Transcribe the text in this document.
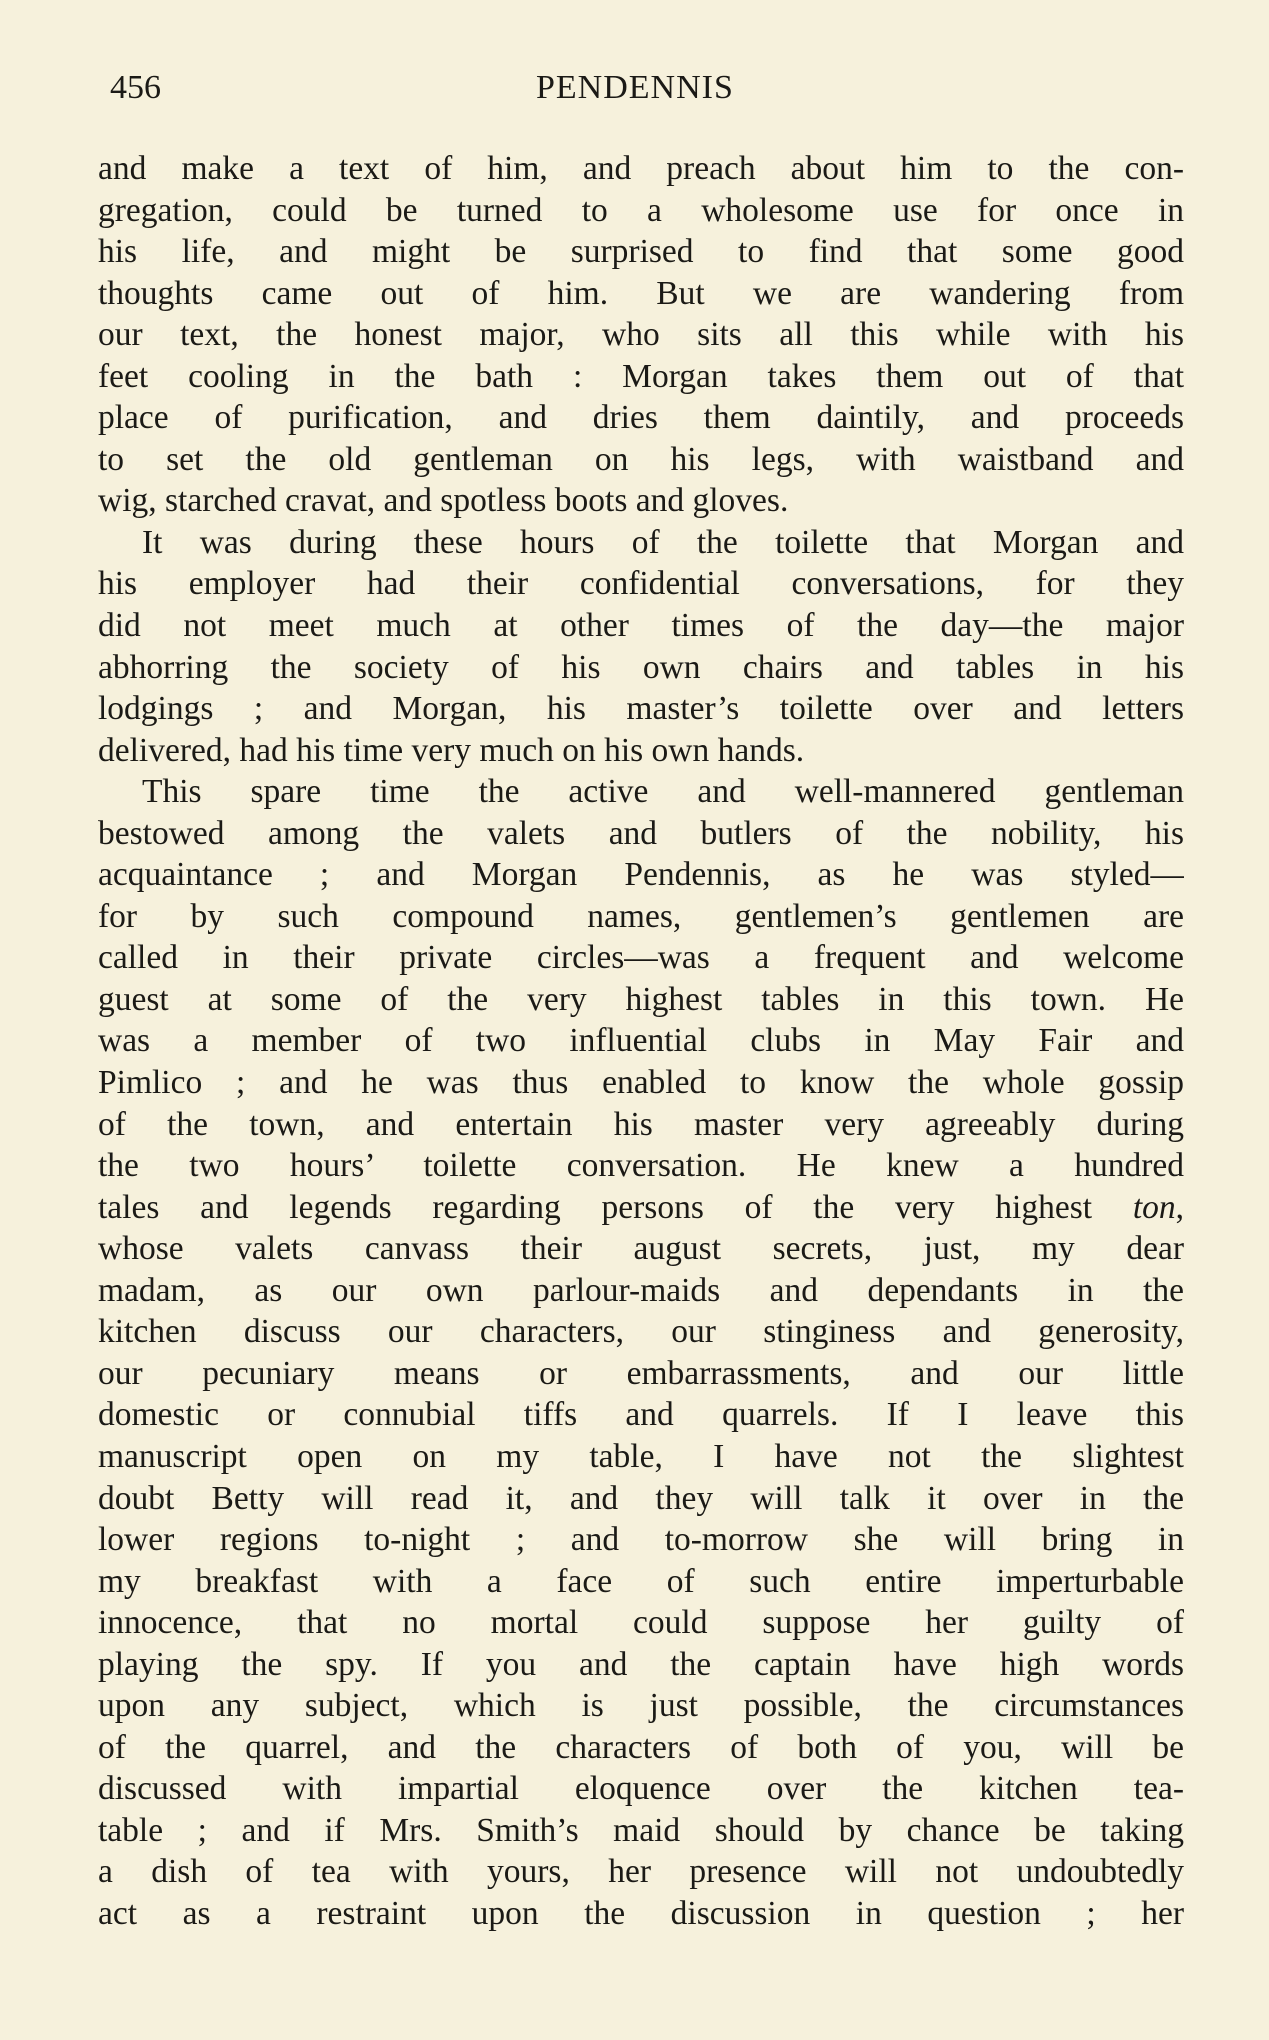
456	PENDENNIS
and make a text of him, and preach about him to the con-
gregation, could be turned to a wholesome use for once in
his life, and might be surprised to find that some good
thoughts came out of him. But we are wandering from
our text, the honest major, who sits all this while with his
feet cooling in the bath : Morgan takes them out of that
place of purification, and dries them daintily, and proceeds
to set the old gentleman on his legs, with waistband and
wig, starched cravat, and spotless boots and gloves.
It was during these hours of the toilette that Morgan and
his employer had their confidential conversations, for they
did not meet much at other times of the day—the major
abhorring the society of his own chairs and tables in his
lodgings ; and Morgan, his master’s toilette over and letters
delivered, had his time very much on his own hands.
This spare time the active and well-mannered gentleman
bestowed among the valets and butlers of the nobility, his
acquaintance ; and Morgan Pendennis, as he was styled—
for by such compound names, gentlemen’s gentlemen are
called in their private circles—was a frequent and welcome
guest at some of the very highest tables in this town. He
was a member of two influential clubs in May Fair and
Pimlico ; and he was thus enabled to know the whole gossip
of the town, and entertain his master very agreeably during
the two hours’ toilette conversation. He knew a hundred
tales and legends regarding persons of the very highest ton,
whose valets canvass their august secrets, just, my dear
madam, as our own parlour-maids and dependants in the
kitchen discuss our characters, our stinginess and generosity,
our pecuniary means or embarrassments, and our little
domestic or connubial tiffs and quarrels. If I leave this
manuscript open on my table, I have not the slightest
doubt Betty will read it, and they will talk it over in the
lower regions to-night ; and to-morrow she will bring in
my breakfast with a face of such entire imperturbable
innocence, that no mortal could suppose her guilty of
playing the spy. If you and the captain have high words
upon any subject, which is just possible, the circumstances
of the quarrel, and the characters of both of you, will be
discussed with impartial eloquence over the kitchen tea-
table ; and if Mrs. Smith’s maid should by chance be taking
a dish of tea with yours, her presence will not undoubtedly
act as a restraint upon the discussion in question ; her
